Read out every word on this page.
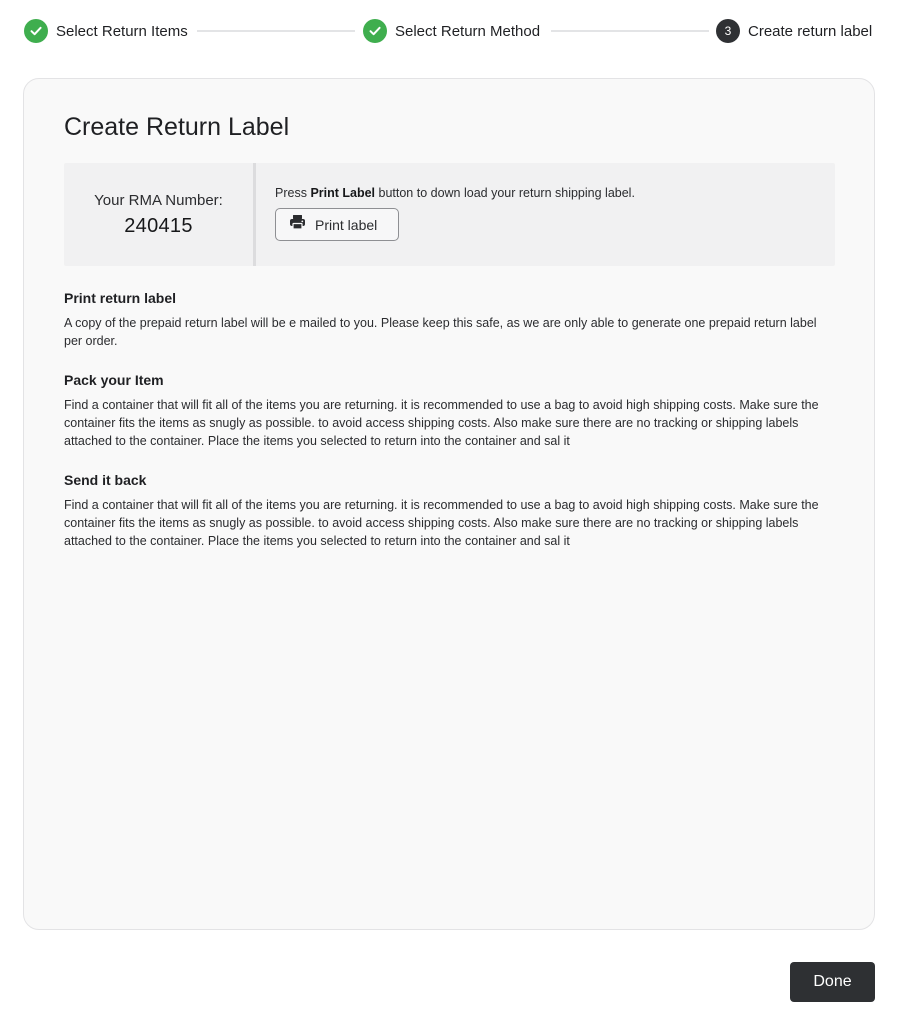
Select Return Items	Select Return Method	3	Create return label
Create Return Label
Your RMA Number:
240415
Press Print Label button to down load your return shipping label.
Print label
Print return label

A copy of the prepaid return label will be e mailed to you. Please keep this safe, as we are only able to generate one prepaid return label per order.

Pack your Item

Find a container that will fit all of the items you are returning. it is recommended to use a bag to avoid high shipping costs. Make sure the container fits the items as snugly as possible. to avoid access shipping costs. Also make sure there are no tracking or shipping labels attached to the container. Place the items you selected to return into the container and sal it

Send it back

Find a container that will fit all of the items you are returning. it is recommended to use a bag to avoid high shipping costs. Make sure the container fits the items as snugly as possible. to avoid access shipping costs. Also make sure there are no tracking or shipping labels attached to the container. Place the items you selected to return into the container and sal it

Done
